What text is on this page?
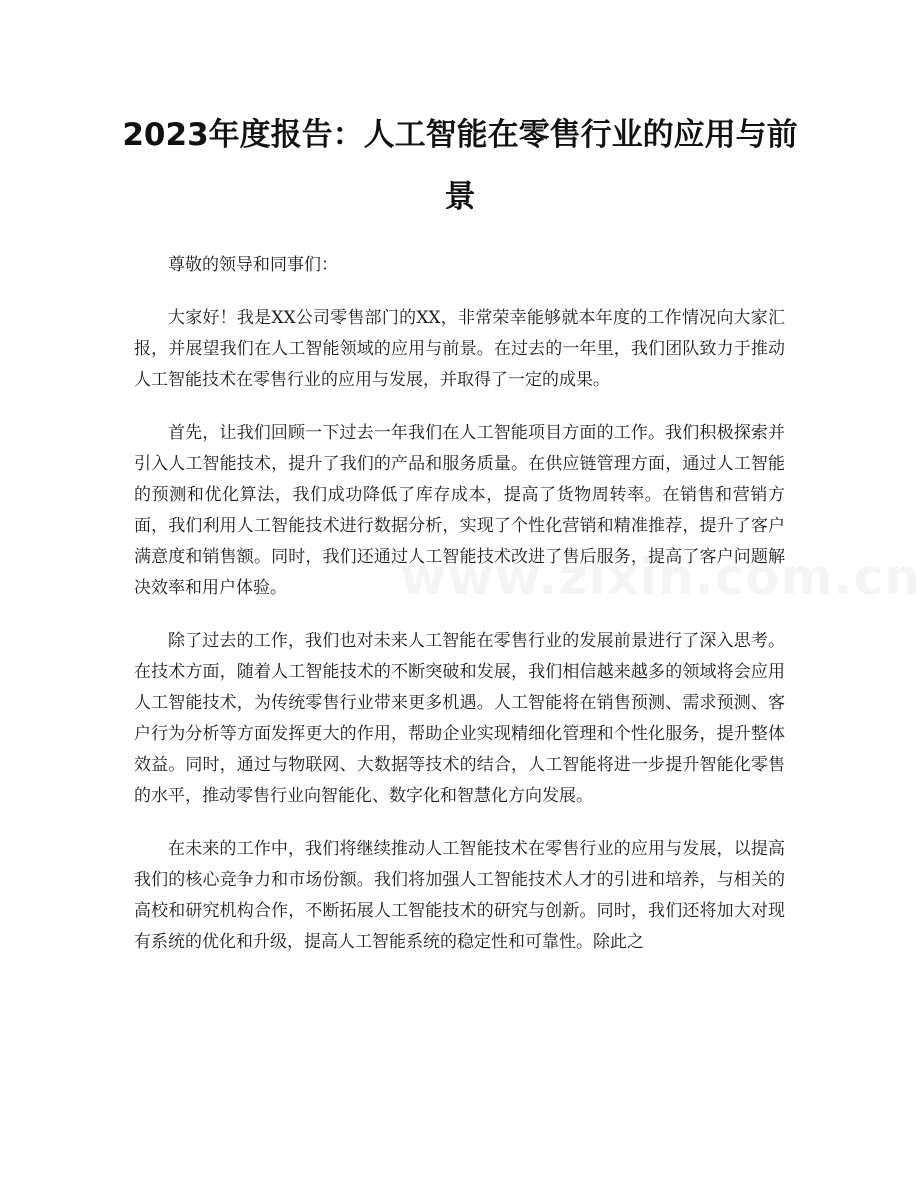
2023年度报告：人工智能在零售行业的应用与前景

尊敬的领导和同事们：

大家好！我是XX公司零售部门的XX，非常荣幸能够就本年度的工作情况向大家汇报，并展望我们在人工智能领域的应用与前景。在过去的一年里，我们团队致力于推动人工智能技术在零售行业的应用与发展，并取得了一定的成果。

首先，让我们回顾一下过去一年我们在人工智能项目方面的工作。我们积极探索并引入人工智能技术，提升了我们的产品和服务质量。在供应链管理方面，通过人工智能的预测和优化算法，我们成功降低了库存成本，提高了货物周转率。在销售和营销方面，我们利用人工智能技术进行数据分析，实现了个性化营销和精准推荐，提升了客户满意度和销售额。同时，我们还通过人工智能技术改进了售后服务，提高了客户问题解决效率和用户体验。

除了过去的工作，我们也对未来人工智能在零售行业的发展前景进行了深入思考。在技术方面，随着人工智能技术的不断突破和发展，我们相信越来越多的领域将会应用人工智能技术，为传统零售行业带来更多机遇。人工智能将在销售预测、需求预测、客户行为分析等方面发挥更大的作用，帮助企业实现精细化管理和个性化服务，提升整体效益。同时，通过与物联网、大数据等技术的结合，人工智能将进一步提升智能化零售的水平，推动零售行业向智能化、数字化和智慧化方向发展。

在未来的工作中，我们将继续推动人工智能技术在零售行业的应用与发展，以提高我们的核心竞争力和市场份额。我们将加强人工智能技术人才的引进和培养，与相关的高校和研究机构合作，不断拓展人工智能技术的研究与创新。同时，我们还将加大对现有系统的优化和升级，提高人工智能系统的稳定性和可靠性。除此之
